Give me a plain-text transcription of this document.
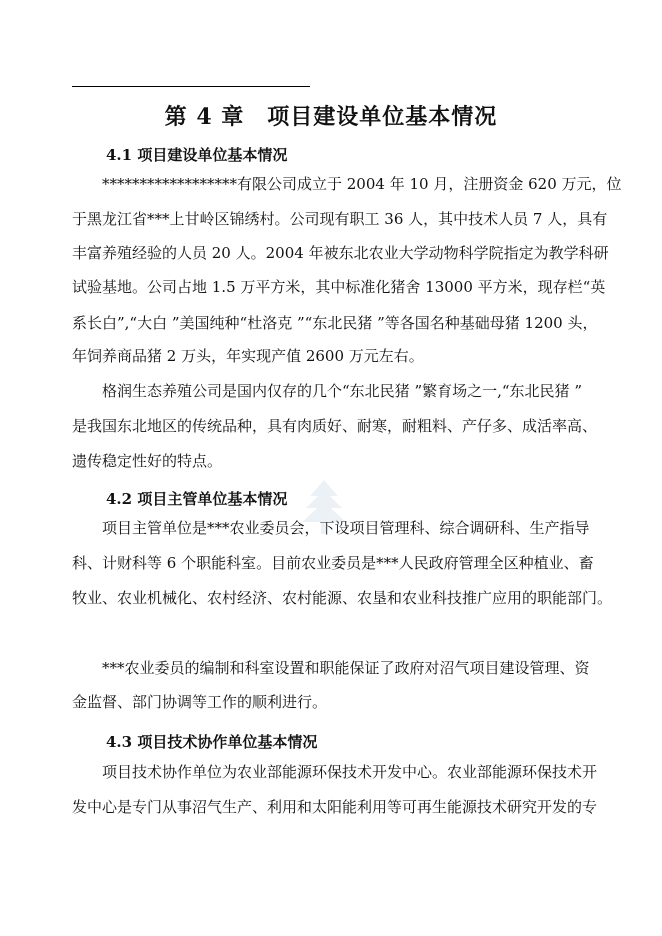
第 4 章　项目建设单位基本情况
4.1 项目建设单位基本情况
******************有限公司成立于 2004 年 10 月，注册资金 620 万元，位
于黑龙江省***上甘岭区锦绣村。公司现有职工 36 人，其中技术人员 7 人，具有
丰富养殖经验的人员 20 人。2004 年被东北农业大学动物科学院指定为教学科研
试验基地。公司占地 1.5 万平方米，其中标准化猪舍 13000 平方米，现存栏“英
系长白”,“大白 ”美国纯种“杜洛克 ”“东北民猪 ”等各国名种基础母猪 1200 头，
年饲养商品猪 2 万头，年实现产值 2600 万元左右。
格润生态养殖公司是国内仅存的几个“东北民猪 ”繁育场之一,“东北民猪 ”
是我国东北地区的传统品种，具有肉质好、耐寒，耐粗料、产仔多、成活率高、
遗传稳定性好的特点。
4.2 项目主管单位基本情况
项目主管单位是***农业委员会，下设项目管理科、综合调研科、生产指导
科、计财科等 6 个职能科室。目前农业委员是***人民政府管理全区种植业、畜
牧业、农业机械化、农村经济、农村能源、农垦和农业科技推广应用的职能部门。
***农业委员的编制和科室设置和职能保证了政府对沼气项目建设管理、资
金监督、部门协调等工作的顺利进行。
4.3 项目技术协作单位基本情况
项目技术协作单位为农业部能源环保技术开发中心。农业部能源环保技术开
发中心是专门从事沼气生产、利用和太阳能利用等可再生能源技术研究开发的专
